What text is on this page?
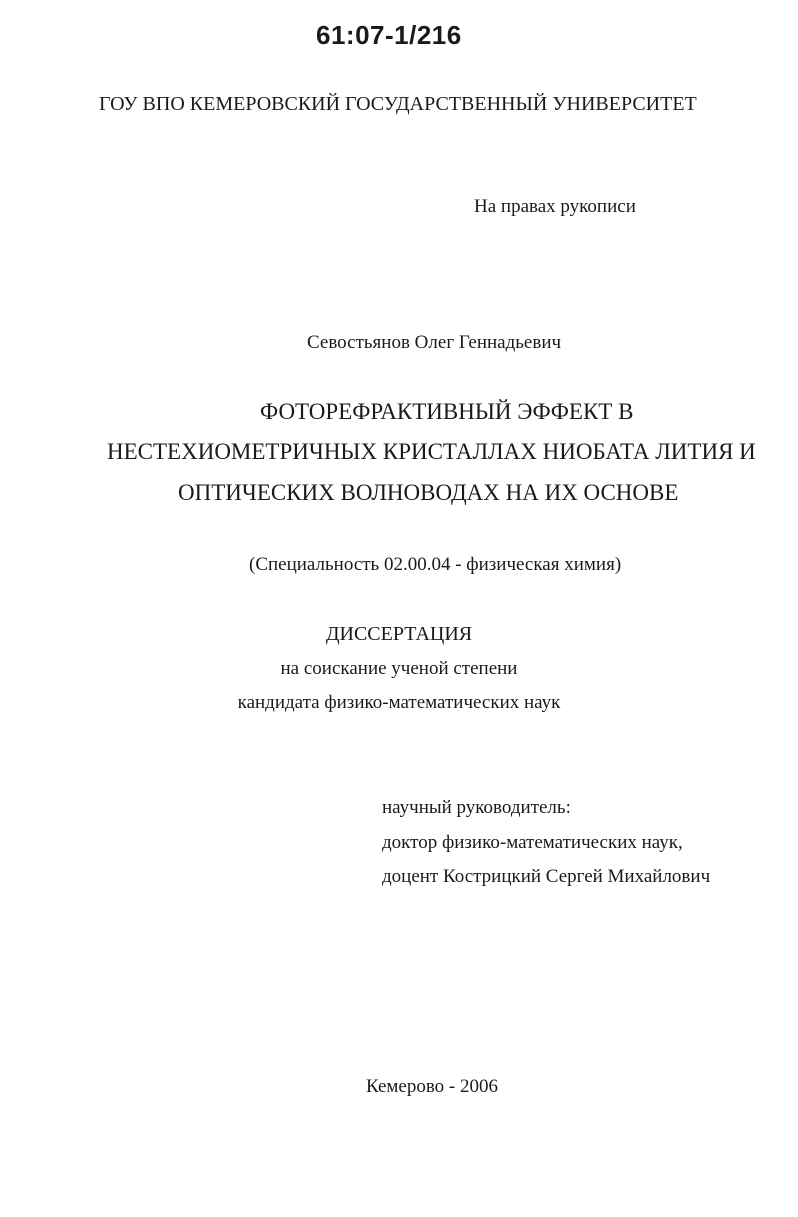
61:07-1/216
ГОУ ВПО КЕМЕРОВСКИЙ ГОСУДАРСТВЕННЫЙ УНИВЕРСИТЕТ
На правах рукописи
Севостьянов Олег Геннадьевич
ФОТОРЕФРАКТИВНЫЙ ЭФФЕКТ В
НЕСТЕХИОМЕТРИЧНЫХ КРИСТАЛЛАХ НИОБАТА ЛИТИЯ И
ОПТИЧЕСКИХ ВОЛНОВОДАХ НА ИХ ОСНОВЕ
(Специальность 02.00.04 - физическая химия)
ДИССЕРТАЦИЯ
на соискание ученой степени
кандидата физико-математических наук
научный руководитель:
доктор физико-математических наук,
доцент Кострицкий Сергей Михайлович
Кемерово - 2006
